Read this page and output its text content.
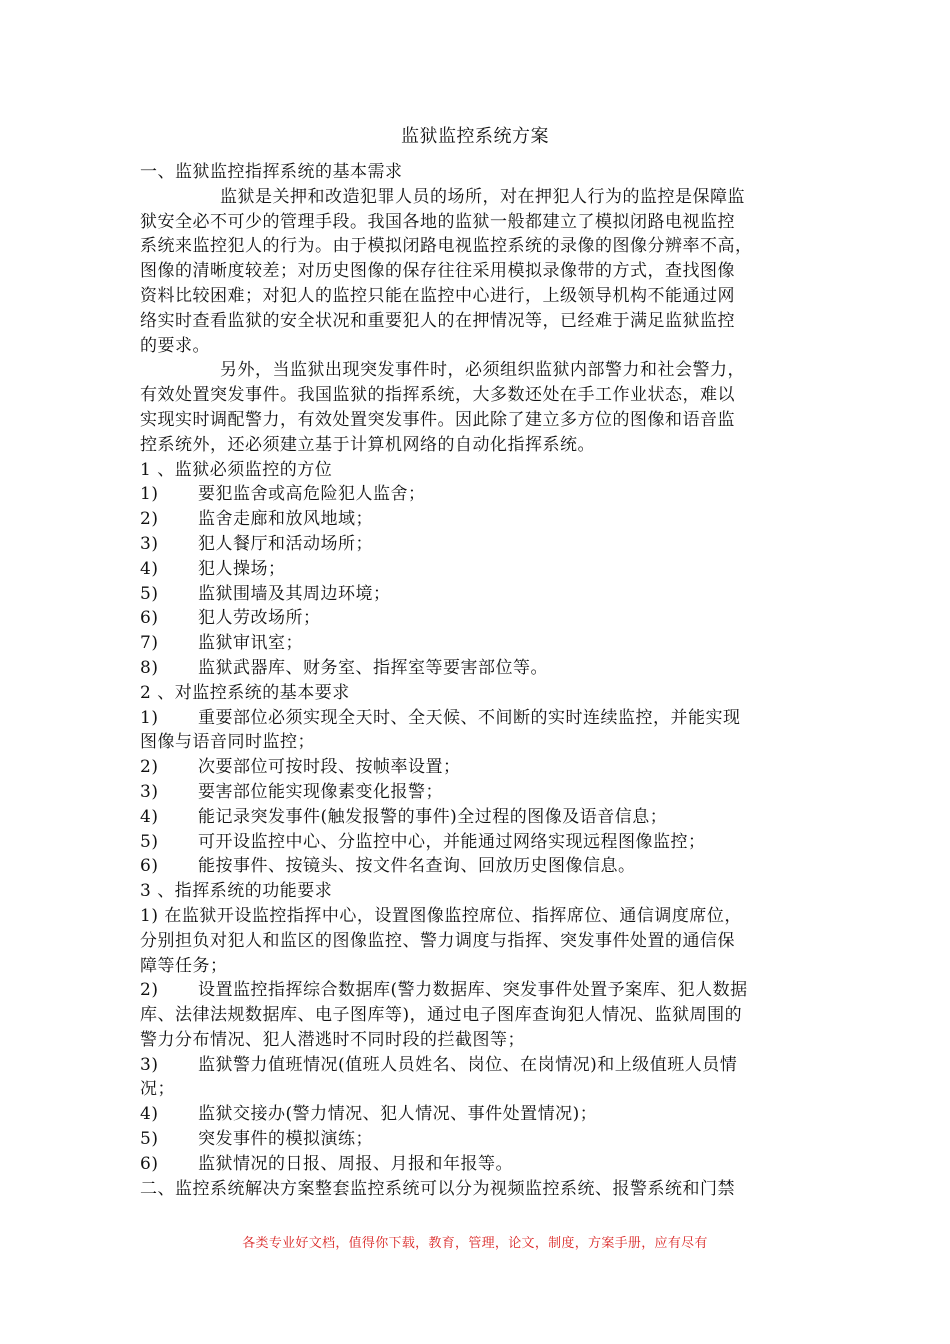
监狱监控系统方案
一、监狱监控指挥系统的基本需求
监狱是关押和改造犯罪人员的场所，对在押犯人行为的监控是保障监
狱安全必不可少的管理手段。我国各地的监狱一般都建立了模拟闭路电视监控
系统来监控犯人的行为。由于模拟闭路电视监控系统的录像的图像分辨率不高，
图像的清晰度较差；对历史图像的保存往往采用模拟录像带的方式，查找图像
资料比较困难；对犯人的监控只能在监控中心进行，上级领导机构不能通过网
络实时查看监狱的安全状况和重要犯人的在押情况等，已经难于满足监狱监控
的要求。
另外，当监狱出现突发事件时，必须组织监狱内部警力和社会警力，
有效处置突发事件。我国监狱的指挥系统，大多数还处在手工作业状态，难以
实现实时调配警力，有效处置突发事件。因此除了建立多方位的图像和语音监
控系统外，还必须建立基于计算机网络的自动化指挥系统。
1 、监狱必须监控的方位
1) 要犯监舍或高危险犯人监舍；
2) 监舍走廊和放风地域；
3) 犯人餐厅和活动场所；
4) 犯人操场；
5) 监狱围墙及其周边环境；
6) 犯人劳改场所；
7) 监狱审讯室；
8) 监狱武器库、财务室、指挥室等要害部位等。
2 、对监控系统的基本要求
1) 重要部位必须实现全天时、全天候、不间断的实时连续监控，并能实现
图像与语音同时监控；
2) 次要部位可按时段、按帧率设置；
3) 要害部位能实现像素变化报警；
4) 能记录突发事件(触发报警的事件)全过程的图像及语音信息；
5) 可开设监控中心、分监控中心，并能通过网络实现远程图像监控；
6) 能按事件、按镜头、按文件名查询、回放历史图像信息。
3 、指挥系统的功能要求
1) 在监狱开设监控指挥中心，设置图像监控席位、指挥席位、通信调度席位，
分别担负对犯人和监区的图像监控、警力调度与指挥、突发事件处置的通信保
障等任务；
2) 设置监控指挥综合数据库(警力数据库、突发事件处置予案库、犯人数据
库、法律法规数据库、电子图库等)，通过电子图库查询犯人情况、监狱周围的
警力分布情况、犯人潜逃时不同时段的拦截图等；
3) 监狱警力值班情况(值班人员姓名、岗位、在岗情况)和上级值班人员情
况；
4) 监狱交接办(警力情况、犯人情况、事件处置情况)；
5) 突发事件的模拟演练；
6) 监狱情况的日报、周报、月报和年报等。
二、监控系统解决方案整套监控系统可以分为视频监控系统、报警系统和门禁
各类专业好文档，值得你下载，教育，管理，论文，制度，方案手册，应有尽有
